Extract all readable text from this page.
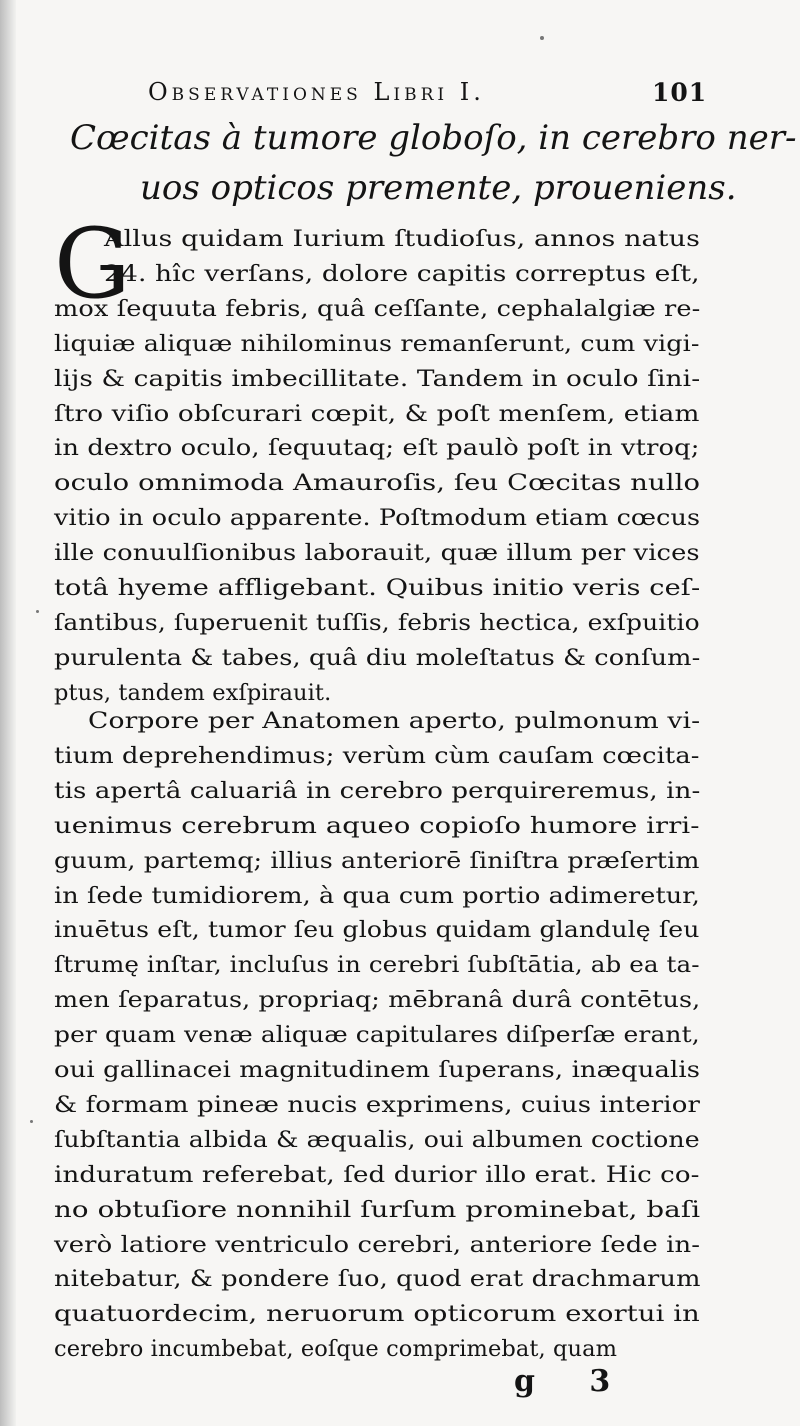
Observationes Libri I.	101
Cœcitas à tumore globoſo, in cerebro ner-
uos opticos premente, proueniens.
G
Allus quidam Iurium ſtudioſus, annos natus
24. hîc verſans, dolore capitis correptus eſt,
mox ſequuta febris, quâ ceſſante, cephalalgiæ re-
liquiæ aliquæ nihilominus remanſerunt, cum vigi-
lijs & capitis imbecillitate. Tandem in oculo ſini-
ſtro viſio obſcurari cœpit, & poſt menſem, etiam
in dextro oculo, ſequutaq; eſt paulò poſt in vtroq;
oculo omnimoda Amauroſis, ſeu Cœcitas nullo
vitio in oculo apparente. Poſtmodum etiam cœcus
ille conuulſionibus laborauit, quæ illum per vices
totâ hyeme affligebant. Quibus initio veris ceſ-
ſantibus, ſuperuenit tuſſis, febris hectica, exſpuitio
purulenta & tabes, quâ diu moleſtatus & conſum-
ptus, tandem exſpirauit.
Corpore per Anatomen aperto, pulmonum vi-
tium deprehendimus; verùm cùm cauſam cœcita-
tis apertâ caluariâ in cerebro perquireremus, in-
uenimus cerebrum aqueo copioſo humore irri-
guum, partemq; illius anteriorē ſiniſtra præſertim
in ſede tumidiorem, à qua cum portio adimeretur,
inuētus eſt, tumor ſeu globus quidam glandulę ſeu
ſtrumę inſtar, incluſus in cerebri ſubſtātia, ab ea ta-
men ſeparatus, propriaq; mēbranâ durâ contētus,
per quam venæ aliquæ capitulares diſperſæ erant,
oui gallinacei magnitudinem ſuperans, inæqualis
& formam pineæ nucis exprimens, cuius interior
ſubſtantia albida & æqualis, oui albumen coctione
induratum referebat, ſed durior illo erat. Hic co-
no obtuſiore nonnihil ſurſum prominebat, baſi
verò latiore ventriculo cerebri, anteriore ſede in-
nitebatur, & pondere ſuo, quod erat drachmarum
quatuordecim, neruorum opticorum exortui in
cerebro incumbebat, eoſque comprimebat, quam
g 3
